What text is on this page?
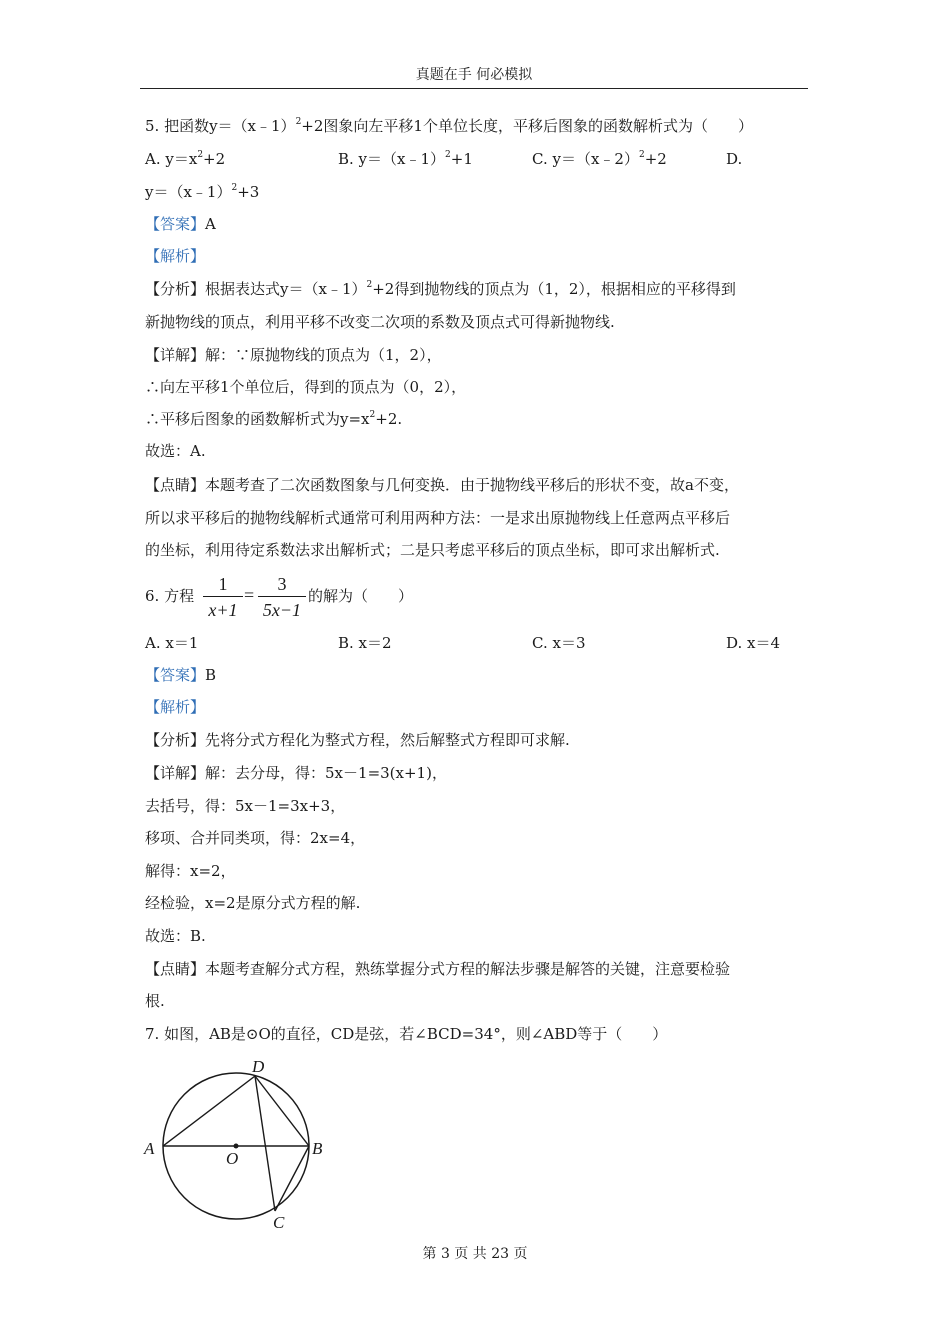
真题在手 何必模拟
5. 把函数y＝（x﹣1）$^2$+2图象向左平移1个单位长度，平移后图象的函数解析式为（　　）
A. $y=x^2+2$	B. y＝（x﹣1）$^2$+1	C. y＝（x﹣2）$^2$+2	D.
y＝（x﹣1）$^2$+3
【答案】A
【解析】
【分析】根据表达式y＝（x﹣1）$^2$+2得到抛物线的顶点为（1，2），根据相应的平移得到
新抛物线的顶点，利用平移不改变二次项的系数及顶点式可得新抛物线.
【详解】解：∵原抛物线的顶点为（1，2），
∴向左平移1个单位后，得到的顶点为（0，2），
∴平移后图象的函数解析式为$y=x^2+2$.
故选：A.
【点睛】本题考查了二次函数图象与几何变换．由于抛物线平移后的形状不变，故a不变，
所以求平移后的抛物线解析式通常可利用两种方法：一是求出原抛物线上任意两点平移后
的坐标，利用待定系数法求出解析式；二是只考虑平移后的顶点坐标，即可求出解析式.
6. 方程
1
x+1
=
3
5x−1
的解为（　　）
A. x＝1	B. x＝2	C. x＝3	D. x＝4
【答案】B
【解析】
【分析】先将分式方程化为整式方程，然后解整式方程即可求解.
【详解】解：去分母，得：5x－1=3(x+1)，
去括号，得：5x－1=3x+3，
移项、合并同类项，得：2x=4，
解得：x=2，
经检验，x=2是原分式方程的解.
故选：B.
【点睛】本题考查解分式方程，熟练掌握分式方程的解法步骤是解答的关键，注意要检验
根.
7. 如图，AB是⊙O的直径，CD是弦，若∠BCD=34°，则∠ABD等于（　　）
A	B
C
D
O
第 3 页 共 23 页
